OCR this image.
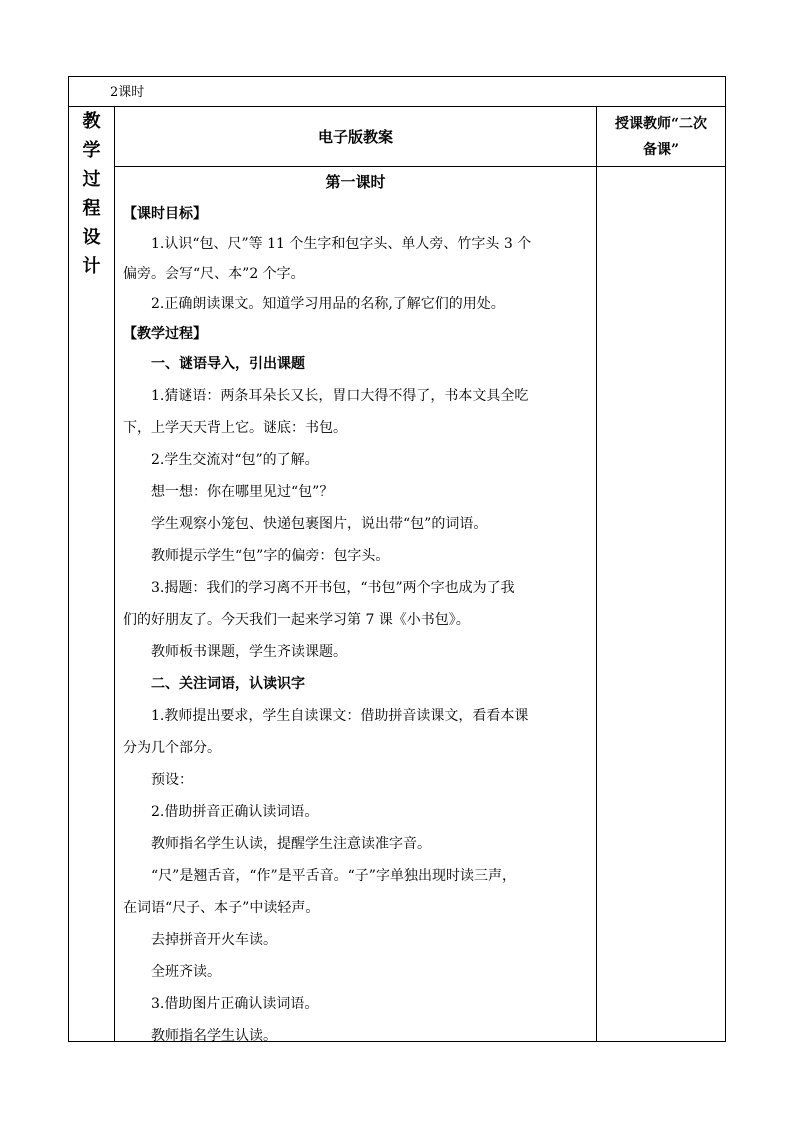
2课时
教
学
过
程
设
计
电子版教案
授课教师“二次
备课”
第一课时
【课时目标】
1.认识“包、尺”等 11 个生字和包字头、单人旁、竹字头 3 个
偏旁。会写“尺、本”2 个字。
2.正确朗读课文。知道学习用品的名称,了解它们的用处。
【教学过程】
一、谜语导入，引出课题
1.猜谜语：两条耳朵长又长，胃口大得不得了，书本文具全吃
下，上学天天背上它。谜底：书包。
2.学生交流对“包”的了解。
想一想：你在哪里见过“包”？
学生观察小笼包、快递包裹图片，说出带“包”的词语。
教师提示学生“包”字的偏旁：包字头。
3.揭题：我们的学习离不开书包，“书包”两个字也成为了我
们的好朋友了。今天我们一起来学习第 7 课《小书包》。
教师板书课题，学生齐读课题。
二、关注词语，认读识字
1.教师提出要求，学生自读课文：借助拼音读课文，看看本课
分为几个部分。
预设：
2.借助拼音正确认读词语。
教师指名学生认读，提醒学生注意读准字音。
“尺”是翘舌音，“作”是平舌音。“子”字单独出现时读三声，
在词语“尺子、本子”中读轻声。
去掉拼音开火车读。
全班齐读。
3.借助图片正确认读词语。
教师指名学生认读。
